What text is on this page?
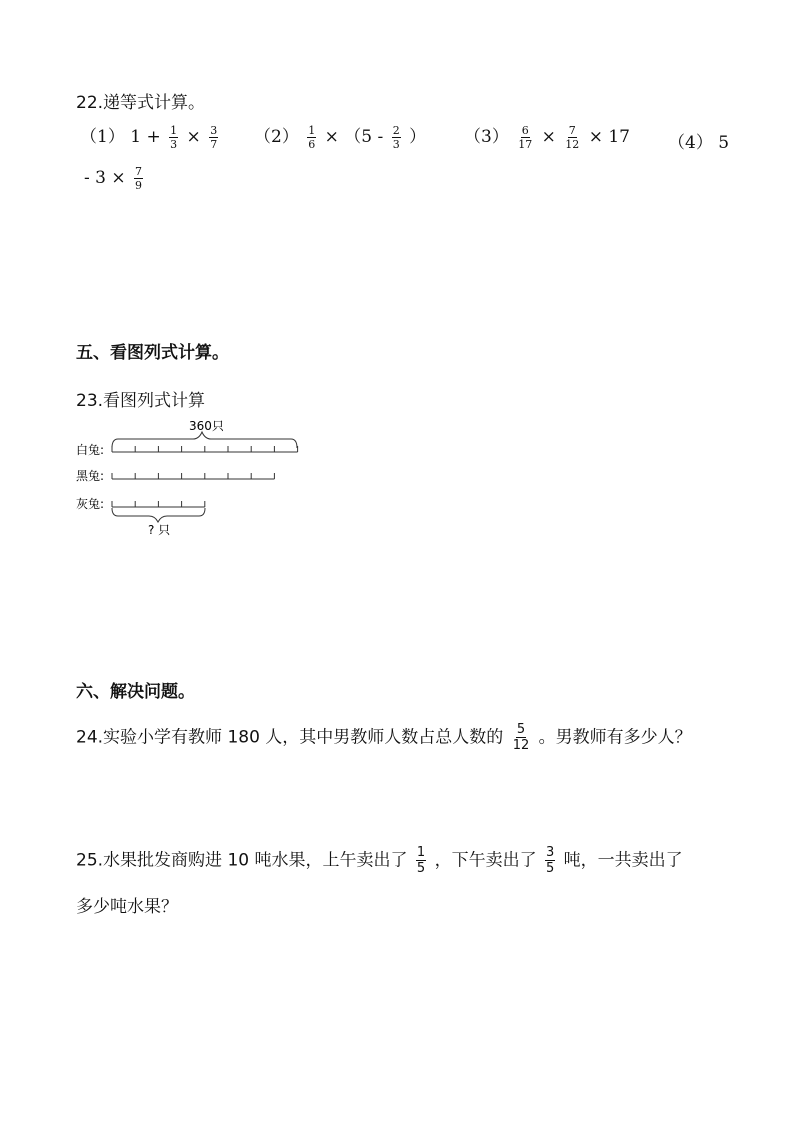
22.递等式计算。
（1） $1 + \frac{1}{3} \times \frac{3}{7} (2) \frac{1}{6} \times (5 - \frac{2}{3}$ ） $(3) \frac{6}{17} \times \frac{7}{12} \times 17$ （4） 5
- $3 \times \frac{7}{9}$
五、看图列式计算。
23.看图列式计算
360只
白兔:
黑兔:
灰兔:
? 只
六、解决问题。
24.实验小学有教师 180 人，其中男教师人数占总人数的 $\frac{5}{12}$ 。男教师有多少人？
25.水果批发商购进 10 吨水果，上午卖出了 $\frac{1}{5}$ ，下午卖出了 $\frac{3}{5}$ 吨，一共卖出了
多少吨水果？
